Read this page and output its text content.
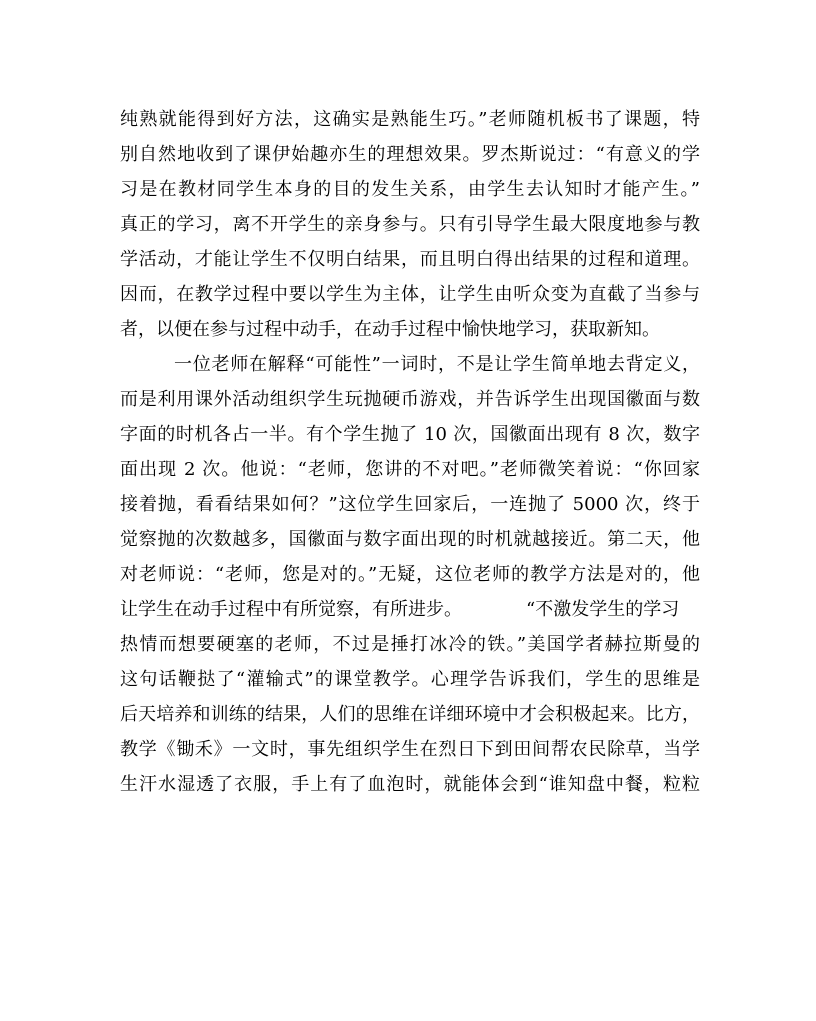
纯熟就能得到好方法，这确实是熟能生巧。”老师随机板书了课题，特
别自然地收到了课伊始趣亦生的理想效果。罗杰斯说过：“有意义的学
习是在教材同学生本身的目的发生关系，由学生去认知时才能产生。”
真正的学习，离不开学生的亲身参与。只有引导学生最大限度地参与教
学活动，才能让学生不仅明白结果，而且明白得出结果的过程和道理。
因而，在教学过程中要以学生为主体，让学生由听众变为直截了当参与
者，以便在参与过程中动手，在动手过程中愉快地学习，获取新知。
一位老师在解释“可能性”一词时，不是让学生简单地去背定义，
而是利用课外活动组织学生玩抛硬币游戏，并告诉学生出现国徽面与数
字面的时机各占一半。有个学生抛了 10 次，国徽面出现有 8 次，数字
面出现 2 次。他说：“老师，您讲的不对吧。”老师微笑着说：“你回家
接着抛，看看结果如何？”这位学生回家后，一连抛了 5000 次，终于
觉察抛的次数越多，国徽面与数字面出现的时机就越接近。第二天，他
对老师说：“老师，您是对的。”无疑，这位老师的教学方法是对的，他
让学生在动手过程中有所觉察，有所进步。	“不激发学生的学习
热情而想要硬塞的老师，不过是捶打冰冷的铁。”美国学者赫拉斯曼的
这句话鞭挞了“灌输式”的课堂教学。心理学告诉我们，学生的思维是
后天培养和训练的结果，人们的思维在详细环境中才会积极起来。比方，
教学《锄禾》一文时，事先组织学生在烈日下到田间帮农民除草，当学
生汗水湿透了衣服，手上有了血泡时，就能体会到“谁知盘中餐，粒粒
